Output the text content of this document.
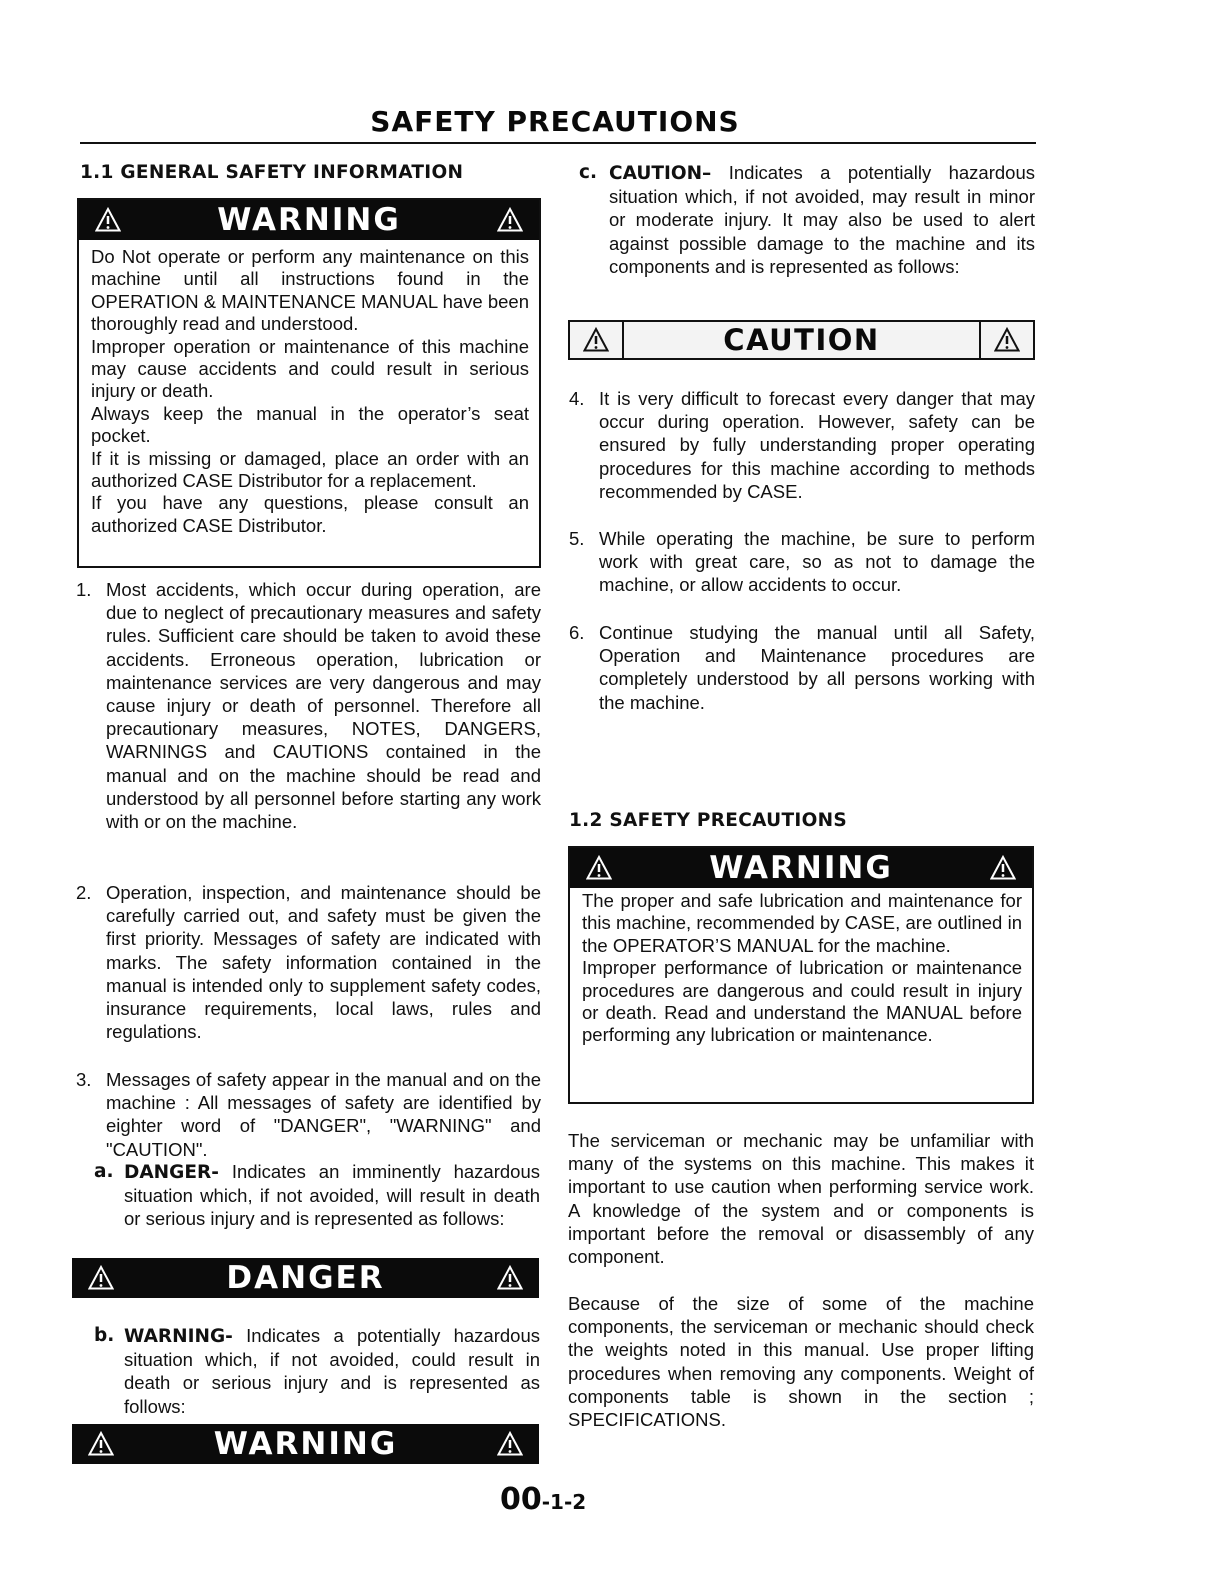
SAFETY PRECAUTIONS
1.1 GENERAL SAFETY INFORMATION
WARNING

Do Not operate or perform any maintenance on this machine until all instructions found in the OPERATION & MAINTENANCE MANUAL have been thoroughly read and understood.

Improper operation or maintenance of this machine may cause accidents and could result in serious injury or death.

Always keep the manual in the operator’s seat pocket.

If it is missing or damaged, place an order with an authorized CASE Distributor for a replacement.

If you have any questions, please consult an authorized CASE Distributor.

1. Most accidents, which occur during operation, are due to neglect of precautionary measures and safety rules. Sufficient care should be taken to avoid these accidents. Erroneous operation, lubrication or maintenance services are very dangerous and may cause injury or death of personnel. Therefore all precautionary measures, NOTES, DANGERS, WARNINGS and CAUTIONS contained in the manual and on the machine should be read and understood by all personnel before starting any work with or on the machine.
2. Operation, inspection, and maintenance should be carefully carried out, and safety must be given the first priority. Messages of safety are indicated with marks. The safety information contained in the manual is intended only to supplement safety codes, insurance requirements, local laws, rules and regulations.
3. Messages of safety appear in the manual and on the machine : All messages of safety are identified by eighter word of "DANGER", "WARNING" and "CAUTION".
a. DANGER- Indicates an imminently hazardous situation which, if not avoided, will result in death or serious injury and is represented as follows:
DANGER
b. WARNING- Indicates a potentially hazardous situation which, if not avoided, could result in death or serious injury and is represented as follows:
WARNING
c. CAUTION– Indicates a potentially hazardous situation which, if not avoided, may result in minor or moderate injury. It may also be used to alert against possible damage to the machine and its components and is represented as follows:
CAUTION
4. It is very difficult to forecast every danger that may occur during operation. However, safety can be ensured by fully understanding proper operating procedures for this machine according to methods recommended by CASE.
5. While operating the machine, be sure to perform work with great care, so as not to damage the machine, or allow accidents to occur.
6. Continue studying the manual until all Safety, Operation and Maintenance procedures are completely understood by all persons working with the machine.
1.2 SAFETY PRECAUTIONS
WARNING

The proper and safe lubrication and maintenance for this machine, recommended by CASE, are outlined in the OPERATOR’S MANUAL for the machine.

Improper performance of lubrication or maintenance procedures are dangerous and could result in injury or death. Read and understand the MANUAL before performing any lubrication or maintenance.

The serviceman or mechanic may be unfamiliar with many of the systems on this machine. This makes it important to use caution when performing service work. A knowledge of the system and or components is important before the removal or disassembly of any component.
Because of the size of some of the machine components, the serviceman or mechanic should check the weights noted in this manual. Use proper lifting procedures when removing any components. Weight of components table is shown in the section ; SPECIFICATIONS.
00-1-2
